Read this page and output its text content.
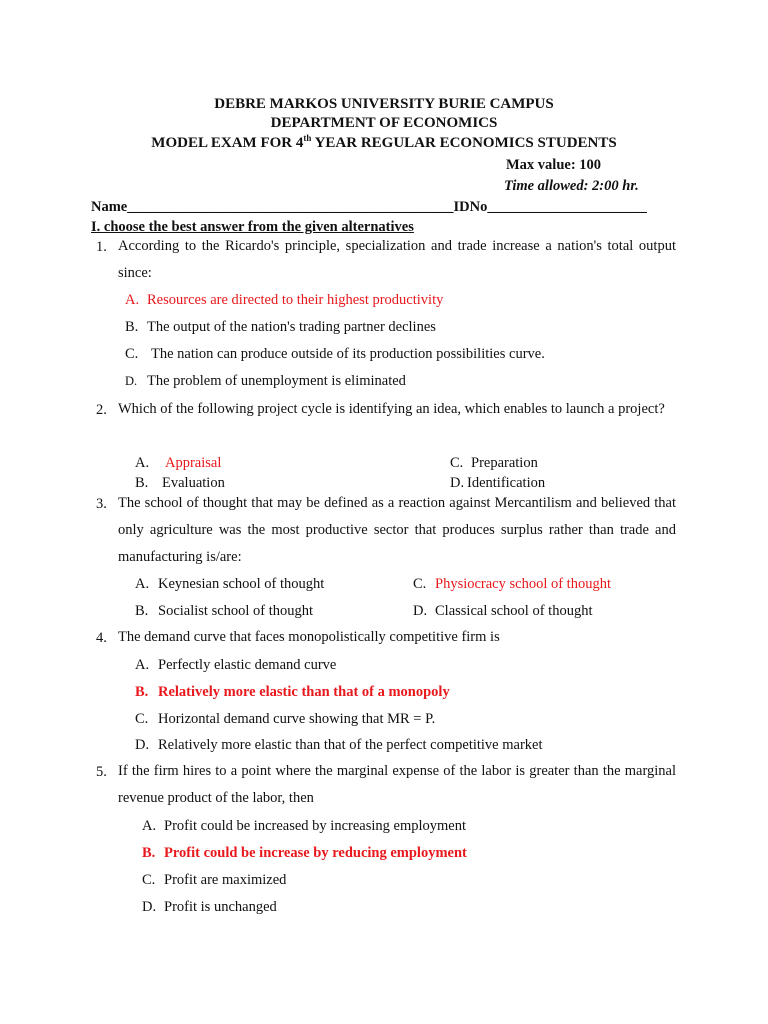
DEBRE MARKOS UNIVERSITY BURIE CAMPUS
DEPARTMENT OF ECONOMICS
MODEL EXAM FOR 4th YEAR REGULAR ECONOMICS STUDENTS
Max value: 100
Time allowed: 2:00 hr.
Name_____________________________________________IDNo______________________
I. choose the best answer from the given alternatives
1. According to the Ricardo's principle, specialization and trade increase a nation's total output since:
A. Resources are directed to their highest productivity
B. The output of the nation's trading partner declines
C. The nation can produce outside of its production possibilities curve.
D. The problem of unemployment is eliminated
2. Which of the following project cycle is identifying an idea, which enables to launch a project?
A. Appraisal
B. Evaluation
C. Preparation
D. Identification
3. The school of thought that may be defined as a reaction against Mercantilism and believed that only agriculture was the most productive sector that produces surplus rather than trade and manufacturing is/are:
A. Keynesian school of thought
B. Socialist school of thought
C. Physiocracy school of thought
D. Classical school of thought
4. The demand curve that faces monopolistically competitive firm is
A. Perfectly elastic demand curve
B. Relatively more elastic than that of a monopoly
C. Horizontal demand curve showing that MR = P.
D. Relatively more elastic than that of the perfect competitive market
5. If the firm hires to a point where the marginal expense of the labor is greater than the marginal revenue product of the labor, then
A. Profit could be increased by increasing employment
B. Profit could be increase by reducing employment
C. Profit are maximized
D. Profit is unchanged
